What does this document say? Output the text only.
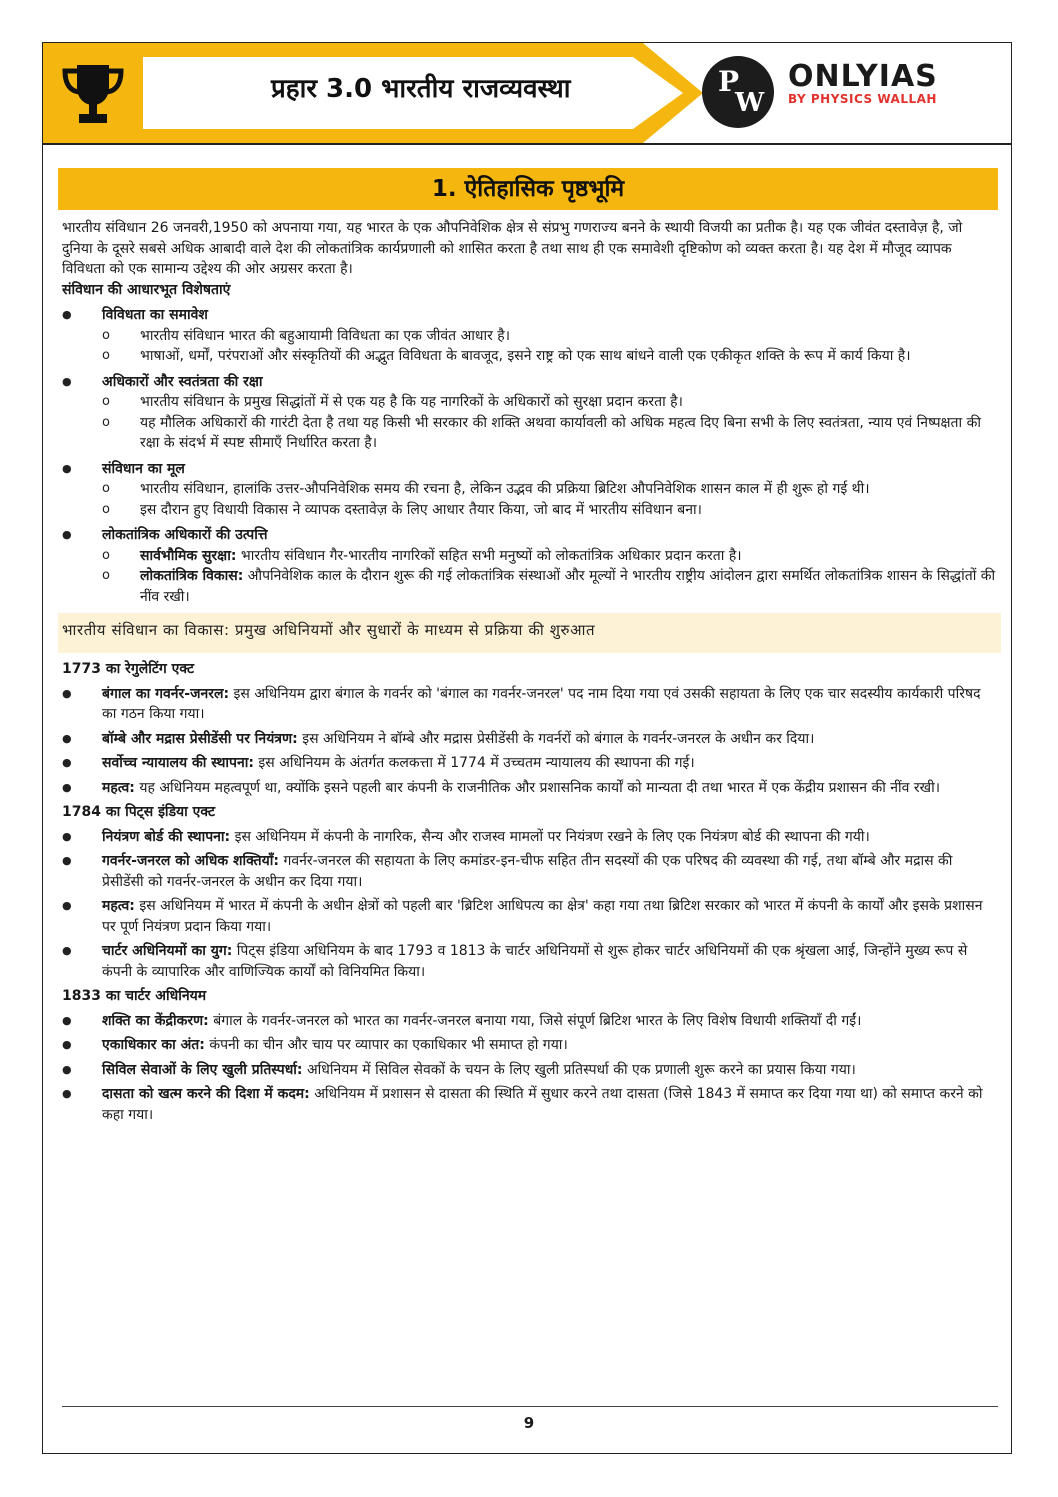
प्रहार 3.0 भारतीय राजव्यवस्था	P
W
ONLYIAS
BY PHYSICS WALLAH
1. ऐतिहासिक पृष्ठभूमि

भारतीय संविधान 26 जनवरी,1950 को अपनाया गया, यह भारत के एक औपनिवेशिक क्षेत्र से संप्रभु गणराज्य बनने के स्थायी विजयी का प्रतीक है। यह एक जीवंत दस्तावेज़ है, जो दुनिया के दूसरे सबसे अधिक आबादी वाले देश की लोकतांत्रिक कार्यप्रणाली को शासित करता है तथा साथ ही एक समावेशी दृष्टिकोण को व्यक्त करता है। यह देश में मौजूद व्यापक विविधता को एक सामान्य उद्देश्य की ओर अग्रसर करता है।

संविधान की आधारभूत विशेषताएं

● विविधता का समावेश
o भारतीय संविधान भारत की बहुआयामी विविधता का एक जीवंत आधार है।
o भाषाओं, धर्मों, परंपराओं और संस्कृतियों की अद्भुत विविधता के बावजूद, इसने राष्ट्र को एक साथ बांधने वाली एक एकीकृत शक्ति के रूप में कार्य किया है।
● अधिकारों और स्वतंत्रता की रक्षा
o भारतीय संविधान के प्रमुख सिद्धांतों में से एक यह है कि यह नागरिकों के अधिकारों को सुरक्षा प्रदान करता है।
o यह मौलिक अधिकारों की गारंटी देता है तथा यह किसी भी सरकार की शक्ति अथवा कार्यावली को अधिक महत्व दिए बिना सभी के लिए स्वतंत्रता, न्याय एवं निष्पक्षता की रक्षा के संदर्भ में स्पष्ट सीमाएँ निर्धारित करता है।
● संविधान का मूल
o भारतीय संविधान, हालांकि उत्तर-औपनिवेशिक समय की रचना है, लेकिन उद्भव की प्रक्रिया ब्रिटिश औपनिवेशिक शासन काल में ही शुरू हो गई थी।
o इस दौरान हुए विधायी विकास ने व्यापक दस्तावेज़ के लिए आधार तैयार किया, जो बाद में भारतीय संविधान बना।
● लोकतांत्रिक अधिकारों की उत्पत्ति
o सार्वभौमिक सुरक्षा: भारतीय संविधान गैर-भारतीय नागरिकों सहित सभी मनुष्यों को लोकतांत्रिक अधिकार प्रदान करता है।
o लोकतांत्रिक विकास: औपनिवेशिक काल के दौरान शुरू की गई लोकतांत्रिक संस्थाओं और मूल्यों ने भारतीय राष्ट्रीय आंदोलन द्वारा समर्थित लोकतांत्रिक शासन के सिद्धांतों की नींव रखी।
भारतीय संविधान का विकास: प्रमुख अधिनियमों और सुधारों के माध्यम से प्रक्रिया की शुरुआत
1773 का रेगुलेटिंग एक्ट
● बंगाल का गवर्नर-जनरल: इस अधिनियम द्वारा बंगाल के गवर्नर को 'बंगाल का गवर्नर-जनरल' पद नाम दिया गया एवं उसकी सहायता के लिए एक चार सदस्यीय कार्यकारी परिषद का गठन किया गया।
● बॉम्बे और मद्रास प्रेसीडेंसी पर नियंत्रण: इस अधिनियम ने बॉम्बे और मद्रास प्रेसीडेंसी के गवर्नरों को बंगाल के गवर्नर-जनरल के अधीन कर दिया।
● सर्वोच्च न्यायालय की स्थापना: इस अधिनियम के अंतर्गत कलकत्ता में 1774 में उच्चतम न्यायालय की स्थापना की गई।
● महत्व: यह अधिनियम महत्वपूर्ण था, क्योंकि इसने पहली बार कंपनी के राजनीतिक और प्रशासनिक कार्यों को मान्यता दी तथा भारत में एक केंद्रीय प्रशासन की नींव रखी।
1784 का पिट्स इंडिया एक्ट
● नियंत्रण बोर्ड की स्थापना: इस अधिनियम में कंपनी के नागरिक, सैन्य और राजस्व मामलों पर नियंत्रण रखने के लिए एक नियंत्रण बोर्ड की स्थापना की गयी।
● गवर्नर-जनरल को अधिक शक्तियाँ: गवर्नर-जनरल की सहायता के लिए कमांडर-इन-चीफ सहित तीन सदस्यों की एक परिषद की व्यवस्था की गई, तथा बॉम्बे और मद्रास की प्रेसीडेंसी को गवर्नर-जनरल के अधीन कर दिया गया।
● महत्व: इस अधिनियम में भारत में कंपनी के अधीन क्षेत्रों को पहली बार 'ब्रिटिश आधिपत्य का क्षेत्र' कहा गया तथा ब्रिटिश सरकार को भारत में कंपनी के कार्यों और इसके प्रशासन पर पूर्ण नियंत्रण प्रदान किया गया।
● चार्टर अधिनियमों का युग: पिट्स इंडिया अधिनियम के बाद 1793 व 1813 के चार्टर अधिनियमों से शुरू होकर चार्टर अधिनियमों की एक श्रृंखला आई, जिन्होंने मुख्य रूप से कंपनी के व्यापारिक और वाणिज्यिक कार्यों को विनियमित किया।
1833 का चार्टर अधिनियम
● शक्ति का केंद्रीकरण: बंगाल के गवर्नर-जनरल को भारत का गवर्नर-जनरल बनाया गया, जिसे संपूर्ण ब्रिटिश भारत के लिए विशेष विधायी शक्तियाँ दी गईं।
● एकाधिकार का अंत: कंपनी का चीन और चाय पर व्यापार का एकाधिकार भी समाप्त हो गया।
● सिविल सेवाओं के लिए खुली प्रतिस्पर्धा: अधिनियम में सिविल सेवकों के चयन के लिए खुली प्रतिस्पर्धा की एक प्रणाली शुरू करने का प्रयास किया गया।
● दासता को खत्म करने की दिशा में कदम: अधिनियम में प्रशासन से दासता की स्थिति में सुधार करने तथा दासता (जिसे 1843 में समाप्त कर दिया गया था) को समाप्त करने को कहा गया।
9
